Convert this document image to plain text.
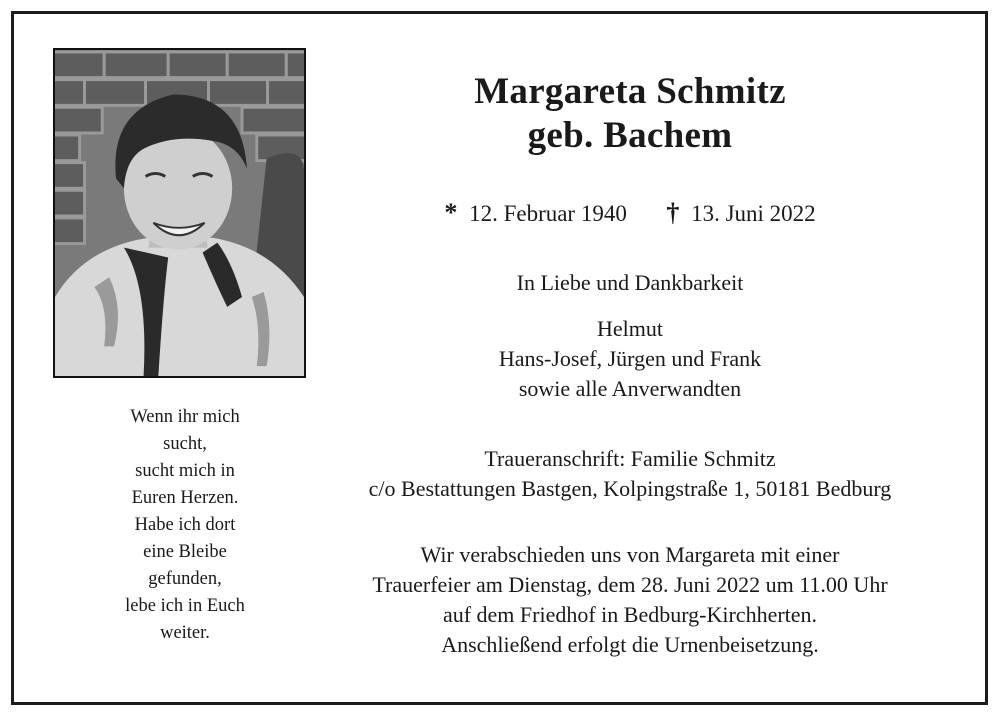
Wenn ihr mich
sucht,
sucht mich in
Euren Herzen.
Habe ich dort
eine Bleibe
gefunden,
lebe ich in Euch
weiter.
Margareta Schmitz
geb. Bachem
* 12. Februar 1940 † 13. Juni 2022
In Liebe und Dankbarkeit
Helmut
Hans-Josef, Jürgen und Frank
sowie alle Anverwandten
Traueranschrift: Familie Schmitz
c/o Bestattungen Bastgen, Kolpingstraße 1, 50181 Bedburg
Wir verabschieden uns von Margareta mit einer
Trauerfeier am Dienstag, dem 28. Juni 2022 um 11.00 Uhr
auf dem Friedhof in Bedburg-Kirchherten.
Anschließend erfolgt die Urnenbeisetzung.
